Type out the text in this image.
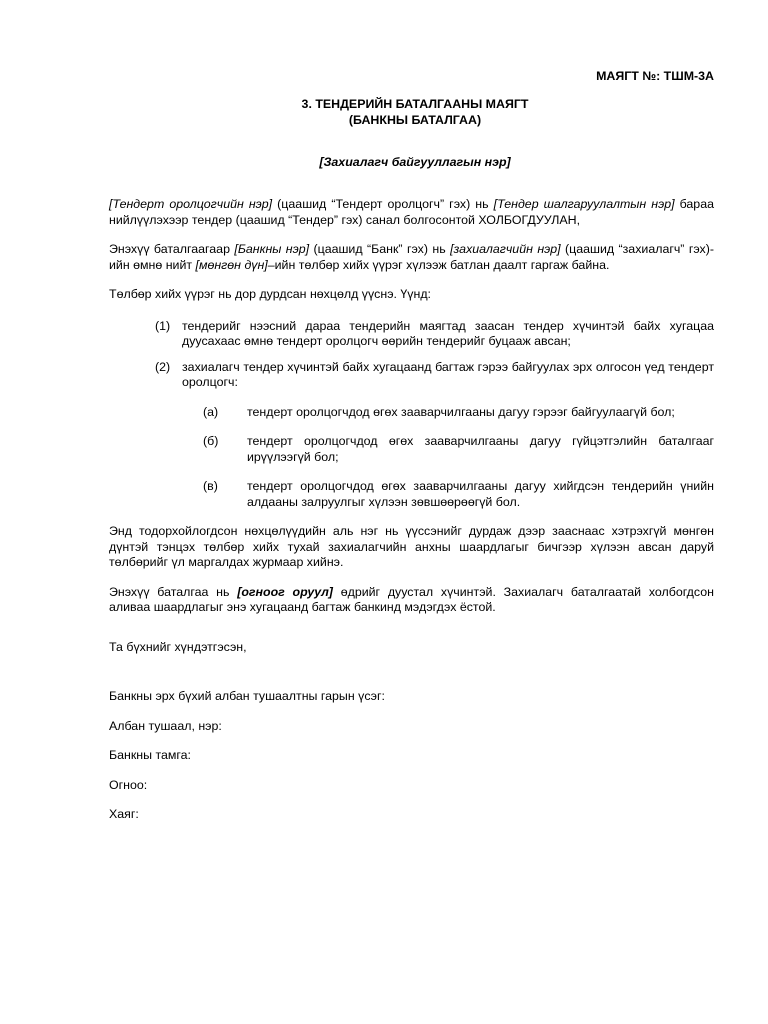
МАЯГТ №: ТШМ-3А
3. ТЕНДЕРИЙН БАТАЛГААНЫ МАЯГТ
(БАНКНЫ БАТАЛГАА)
[Захиалагч байгууллагын нэр]

[Тендерт оролцогчийн нэр] (цаашид “Тендерт оролцогч” гэх) нь [Тендер шалгаруулалтын нэр] бараа нийлүүлэхээр тендер (цаашид “Тендер” гэх) санал болгосонтой ХОЛБОГДУУЛАН,

Энэхүү баталгаагаар [Банкны нэр] (цаашид “Банк” гэх) нь [захиалагчийн нэр] (цаашид “захиалагч” гэх)-ийн өмнө нийт [мөнгөн дүн]–ийн төлбөр хийх үүрэг хүлээж батлан даалт гаргаж байна.

Төлбөр хийх үүрэг нь дор дурдсан нөхцөлд үүснэ. Үүнд:

(1) тендерийг нээсний дараа тендерийн маягтад заасан тендер хүчинтэй байх хугацаа дуусахаас өмнө тендерт оролцогч өөрийн тендерийг буцааж авсан;
(2) захиалагч тендер хүчинтэй байх хугацаанд багтаж гэрээ байгуулах эрх олгосон үед тендерт оролцогч:
(a)	тендерт оролцогчдод өгөх зааварчилгааны дагуу гэрээг байгуулаагүй бол;
(б)	тендерт оролцогчдод өгөх зааварчилгааны дагуу гүйцэтгэлийн баталгааг ирүүлээгүй бол;
(в)	тендерт оролцогчдод өгөх зааварчилгааны дагуу хийгдсэн тендерийн үнийн алдааны залруулгыг хүлээн зөвшөөрөөгүй бол.

Энд тодорхойлогдсон нөхцөлүүдийн аль нэг нь үүссэнийг дурдаж дээр зааснаас хэтрэхгүй мөнгөн дүнтэй тэнцэх төлбөр хийх тухай захиалагчийн анхны шаардлагыг бичгээр хүлээн авсан даруй төлбөрийг үл маргалдах журмаар хийнэ.

Энэхүү баталгаа нь [огноог оруул] өдрийг дуустал хүчинтэй. Захиалагч баталгаатай холбогдсон аливаа шаардлагыг энэ хугацаанд багтаж банкинд мэдэгдэх ёстой.

Та бүхнийг хүндэтгэсэн,

Банкны эрх бүхий албан тушаалтны гарын үсэг:

Албан тушаал, нэр:

Банкны тамга:

Огноо:

Хаяг:
